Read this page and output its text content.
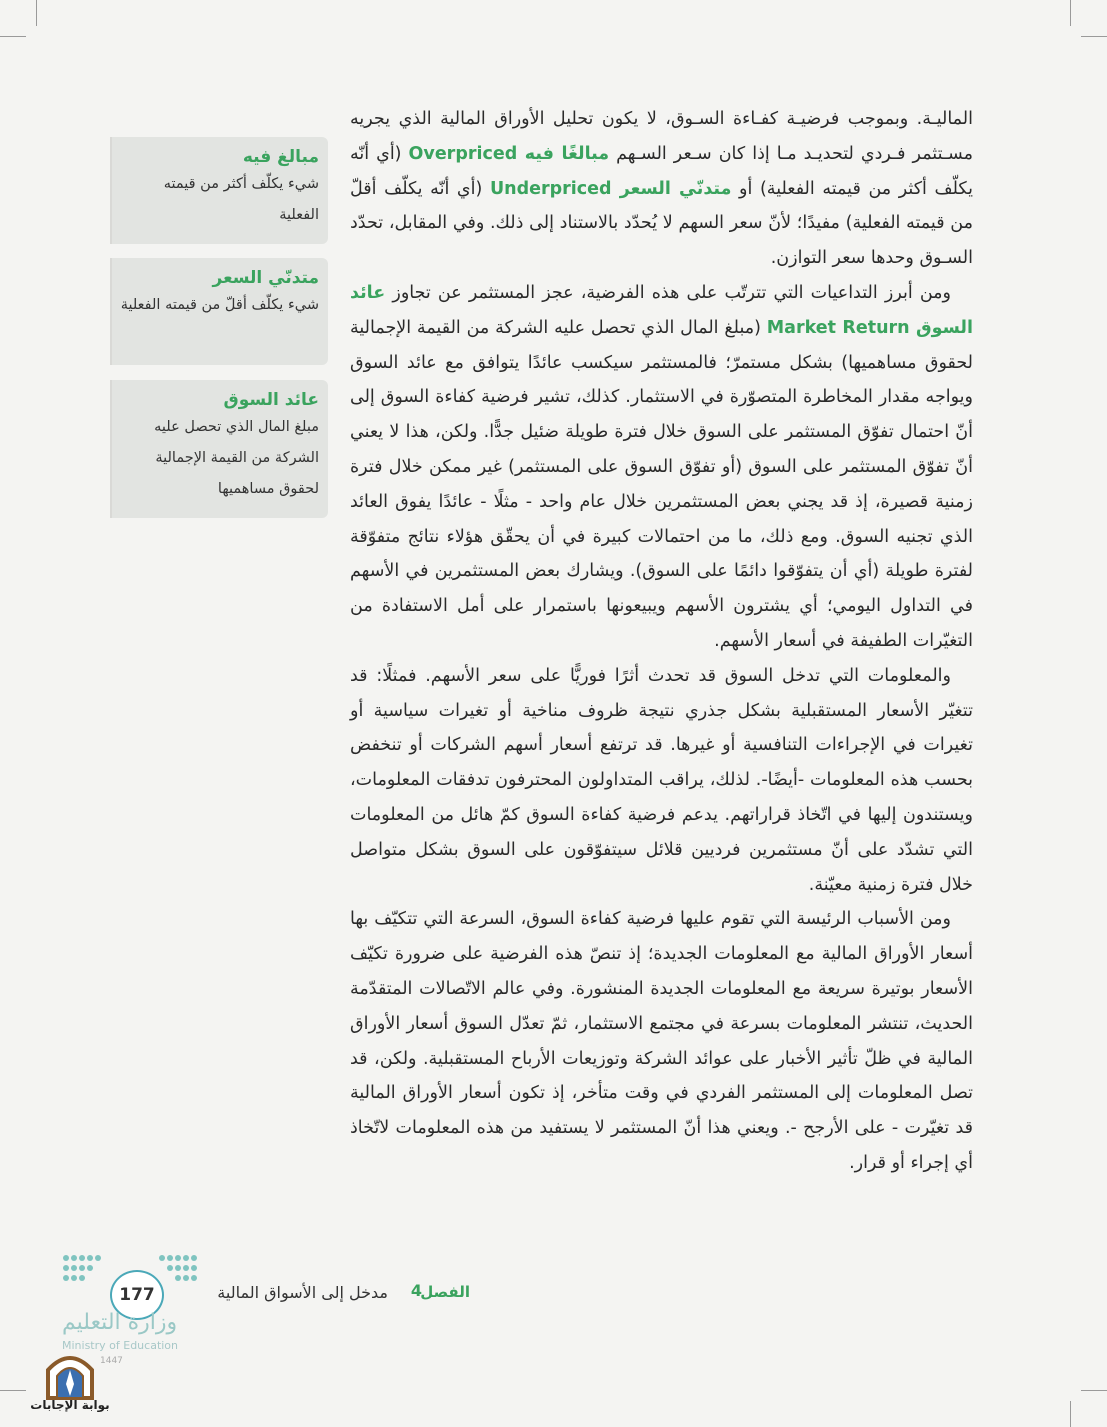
الماليـة. وبموجب فرضيـة كفـاءة السـوق، لا يكون تحليل الأوراق المالية الذي يجريه مسـتثمر فـردي لتحديـد مـا إذا كان سـعر السـهم مبالغًا فيه Overpriced (أي أنّه يكلّف أكثر من قيمته الفعلية) أو متدنّي السعر Underpriced (أي أنّه يكلّف أقلّ من قيمته الفعلية) مفيدًا؛ لأنّ سعر السهم لا يُحدّد بالاستناد إلى ذلك. وفي المقابل، تحدّد السـوق وحدها سعر التوازن.

ومن أبرز التداعيات التي تترتّب على هذه الفرضية، عجز المستثمر عن تجاوز عائد السوق Market Return (مبلغ المال الذي تحصل عليه الشركة من القيمة الإجمالية لحقوق مساهميها) بشكل مستمرّ؛ فالمستثمر سيكسب عائدًا يتوافق مع عائد السوق ويواجه مقدار المخاطرة المتصوّرة في الاستثمار. كذلك، تشير فرضية كفاءة السوق إلى أنّ احتمال تفوّق المستثمر على السوق خلال فترة طويلة ضئيل جدًّا. ولكن، هذا لا يعني أنّ تفوّق المستثمر على السوق (أو تفوّق السوق على المستثمر) غير ممكن خلال فترة زمنية قصيرة، إذ قد يجني بعض المستثمرين خلال عام واحد - مثلًا - عائدًا يفوق العائد الذي تجنيه السوق. ومع ذلك، ما من احتمالات كبيرة في أن يحقّق هؤلاء نتائج متفوّقة لفترة طويلة (أي أن يتفوّقوا دائمًا على السوق). ويشارك بعض المستثمرين في الأسهم في التداول اليومي؛ أي يشترون الأسهم ويبيعونها باستمرار على أمل الاستفادة من التغيّرات الطفيفة في أسعار الأسهم.

والمعلومات التي تدخل السوق قد تحدث أثرًا فوريًّا على سعر الأسهم. فمثلًا: قد تتغيّر الأسعار المستقبلية بشكل جذري نتيجة ظروف مناخية أو تغيرات سياسية أو تغيرات في الإجراءات التنافسية أو غيرها. قد ترتفع أسعار أسهم الشركات أو تنخفض بحسب هذه المعلومات -أيضًا-. لذلك، يراقب المتداولون المحترفون تدفقات المعلومات، ويستندون إليها في اتّخاذ قراراتهم. يدعم فرضية كفاءة السوق كمّ هائل من المعلومات التي تشدّد على أنّ مستثمرين فرديين قلائل سيتفوّقون على السوق بشكل متواصل خلال فترة زمنية معيّنة.

ومن الأسباب الرئيسة التي تقوم عليها فرضية كفاءة السوق، السرعة التي تتكيّف بها أسعار الأوراق المالية مع المعلومات الجديدة؛ إذ تنصّ هذه الفرضية على ضرورة تكيّف الأسعار بوتيرة سريعة مع المعلومات الجديدة المنشورة. وفي عالم الاتّصالات المتقدّمة الحديث، تنتشر المعلومات بسرعة في مجتمع الاستثمار، ثمّ تعدّل السوق أسعار الأوراق المالية في ظلّ تأثير الأخبار على عوائد الشركة وتوزيعات الأرباح المستقبلية. ولكن، قد تصل المعلومات إلى المستثمر الفردي في وقت متأخر، إذ تكون أسعار الأوراق المالية قد تغيّرت - على الأرجح -. ويعني هذا أنّ المستثمر لا يستفيد من هذه المعلومات لاتّخاذ أي إجراء أو قرار.

مبالغ فيه
شيء يكلّف أكثر من قيمته الفعلية
متدنّي السعر
شيء يكلّف أقلّ من قيمته الفعلية
عائد السوق
مبلغ المال الذي تحصل عليه الشركة من القيمة الإجمالية لحقوق مساهميها
الفصل
4
مدخل إلى الأسواق المالية
177
وزارة التعليم
Ministry of Education
1447
بوابة الإجابات
